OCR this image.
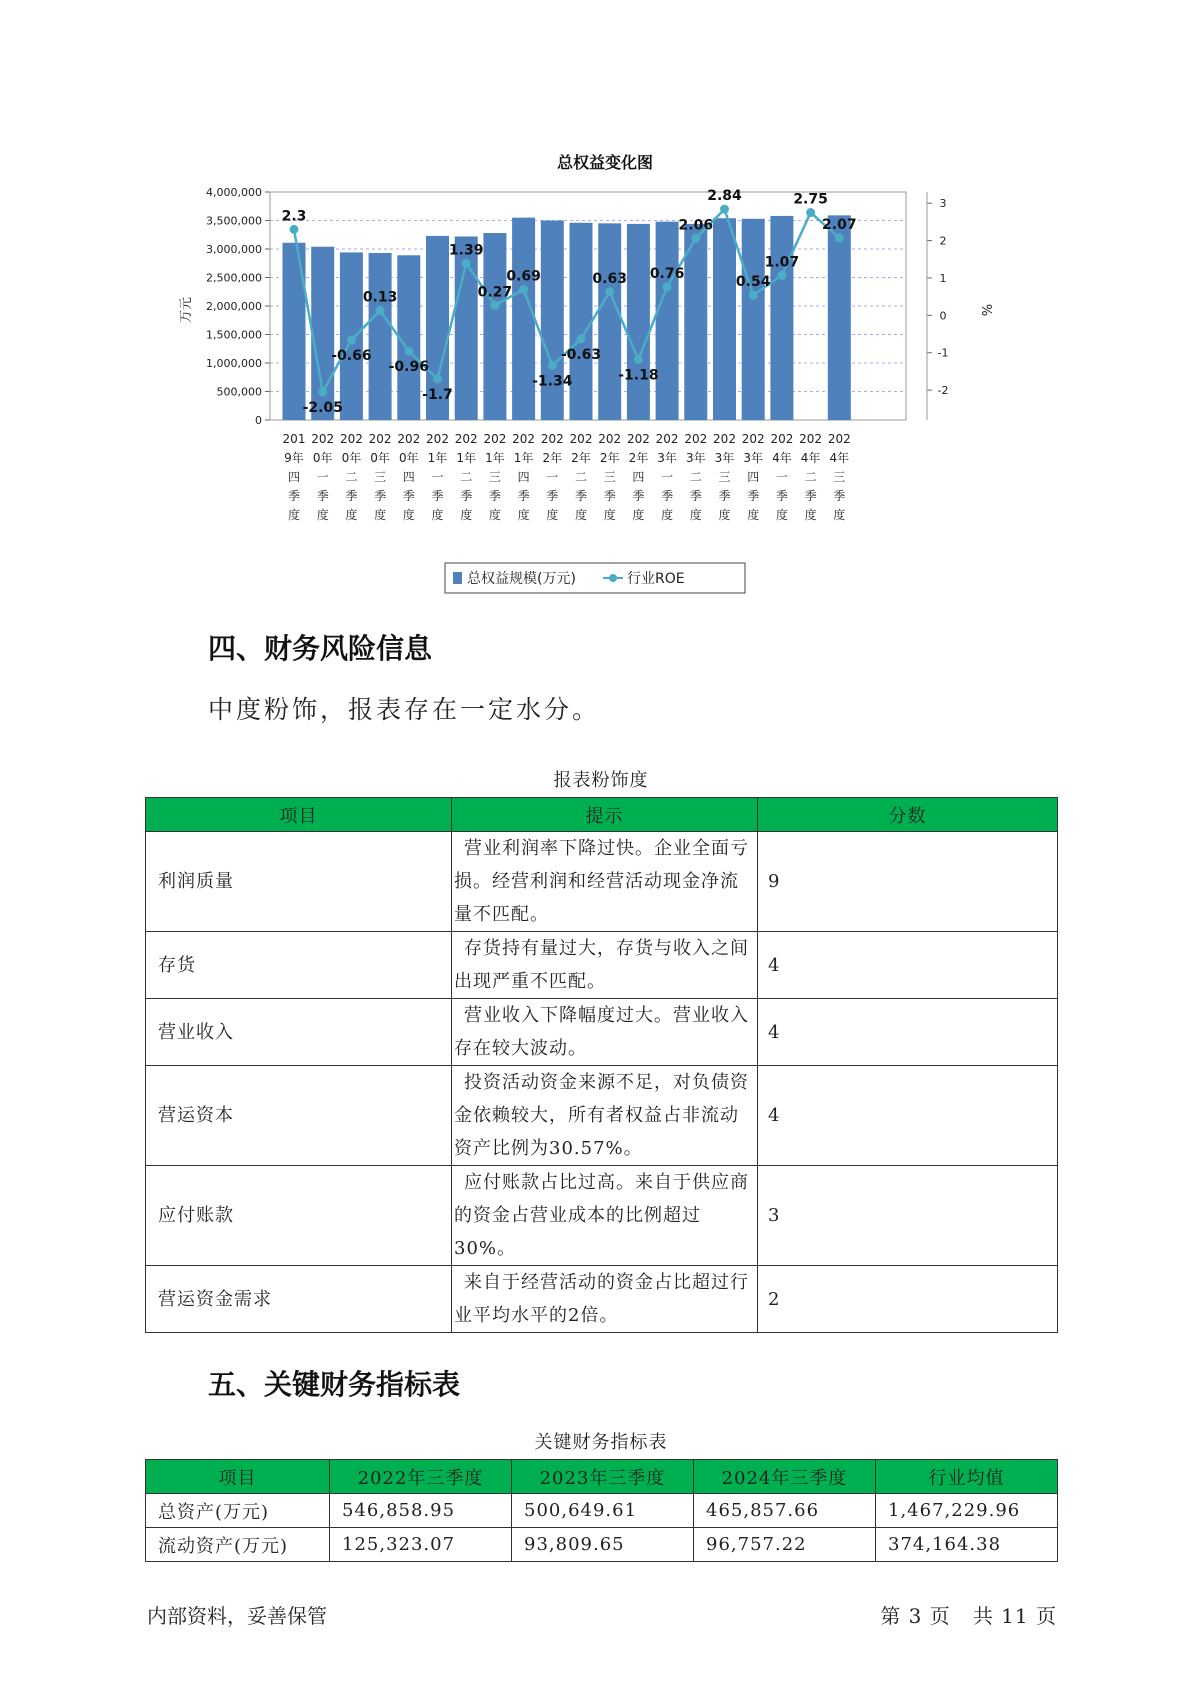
总权益变化图
0
500,000
1,000,000
1,500,000
2,000,000
2,500,000
3,000,000
3,500,000
4,000,000
-2
-1
0
1
2
3
万元	%
2.3
-2.05
-0.66
0.13
-0.96
-1.7
1.39
0.27
0.69
-1.34
-0.63
0.63
-1.18
0.76
2.06
2.84
0.54
1.07
2.75
2.07
201
9年
四
季
度
202
0年
一
季
度
202
0年
二
季
度
202
0年
三
季
度
202
0年
四
季
度
202
1年
一
季
度
202
1年
二
季
度
202
1年
三
季
度
202
1年
四
季
度
202
2年
一
季
度
202
2年
二
季
度
202
2年
三
季
度
202
2年
四
季
度
202
3年
一
季
度
202
3年
二
季
度
202
3年
三
季
度
202
3年
四
季
度
202
4年
一
季
度
202
4年
二
季
度
202
4年
三
季
度
总权益规模(万元)	行业ROE
四、财务风险信息

中度粉饰，报表存在一定水分。

报表粉饰度
项目	提示	分数
利润质量	营业利润率下降过快。企业全面亏损。经营利润和经营活动现金净流量不匹配。	9
存货	存货持有量过大，存货与收入之间出现严重不匹配。	4
营业收入	营业收入下降幅度过大。营业收入存在较大波动。	4
营运资本	投资活动资金来源不足，对负债资金依赖较大，所有者权益占非流动资产比例为30.57%。	4
应付账款	应付账款占比过高。来自于供应商的资金占营业成本的比例超过30%。	3
营运资金需求	来自于经营活动的资金占比超过行业平均水平的2倍。	2
五、关键财务指标表
关键财务指标表
项目	2022年三季度	2023年三季度	2024年三季度	行业均值
总资产(万元)	546,858.95	500,649.61	465,857.66	1,467,229.96
流动资产(万元)	125,323.07	93,809.65	96,757.22	374,164.38
内部资料，妥善保管	第 3 页   共 11 页
